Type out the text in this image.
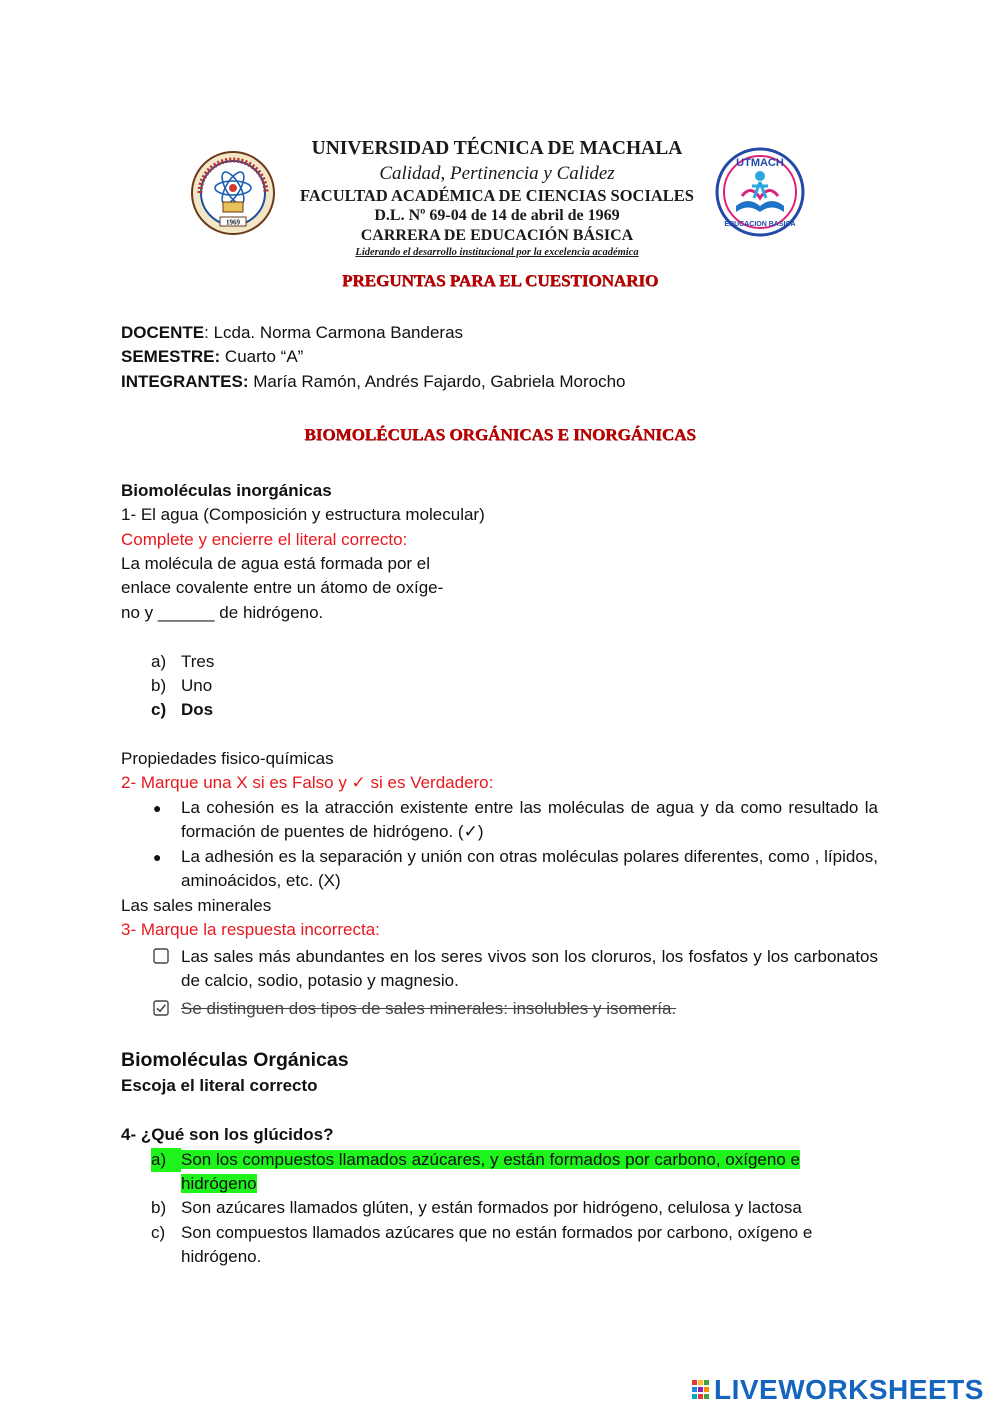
1969
UNIVERSIDAD TÉCNICA DE MACHALA
Calidad, Pertinencia y Calidez
FACULTAD ACADÉMICA DE CIENCIAS SOCIALES
D.L. Nº 69-04 de 14 de abril de 1969
CARRERA DE EDUCACIÓN BÁSICA
Liderando el desarrollo institucional por la excelencia académica
UTMACH
EDUCACION BASICA
PREGUNTAS PARA EL CUESTIONARIO
DOCENTE: Lcda. Norma Carmona Banderas
SEMESTRE: Cuarto “A”
INTEGRANTES: María Ramón, Andrés Fajardo, Gabriela Morocho
BIOMOLÉCULAS ORGÁNICAS E INORGÁNICAS
Biomoléculas inorgánicas
1- El agua (Composición y estructura molecular)
Complete y encierre el literal correcto:
La molécula de agua está formada por el
enlace covalente entre un átomo de oxíge-
no y ______ de hidrógeno.
a) Tres
b) Uno
c) Dos
Propiedades fisico-químicas
2- Marque una X si es Falso y ✓ si es Verdadero:
● La cohesión es la atracción existente entre las moléculas de agua y da como resultado la formación de puentes de hidrógeno. (✓)
● La adhesión es la separación y unión con otras moléculas polares diferentes, como , lípidos, aminoácidos, etc. (X)
Las sales minerales
3- Marque la respuesta incorrecta:
Las sales más abundantes en los seres vivos son los cloruros, los fosfatos y los carbonatos de calcio, sodio, potasio y magnesio.
Se distinguen dos tipos de sales minerales: insolubles y isomería.
Biomoléculas Orgánicas
Escoja el literal correcto
4- ¿Qué son los glúcidos?
a) Son los compuestos llamados azúcares, y están formados por carbono, oxígeno e
hidrógeno
b) Son azúcares llamados glúten, y están formados por hidrógeno, celulosa y lactosa
c) Son compuestos llamados azúcares que no están formados por carbono, oxígeno e
hidrógeno.
LIVEWORKSHEETS
